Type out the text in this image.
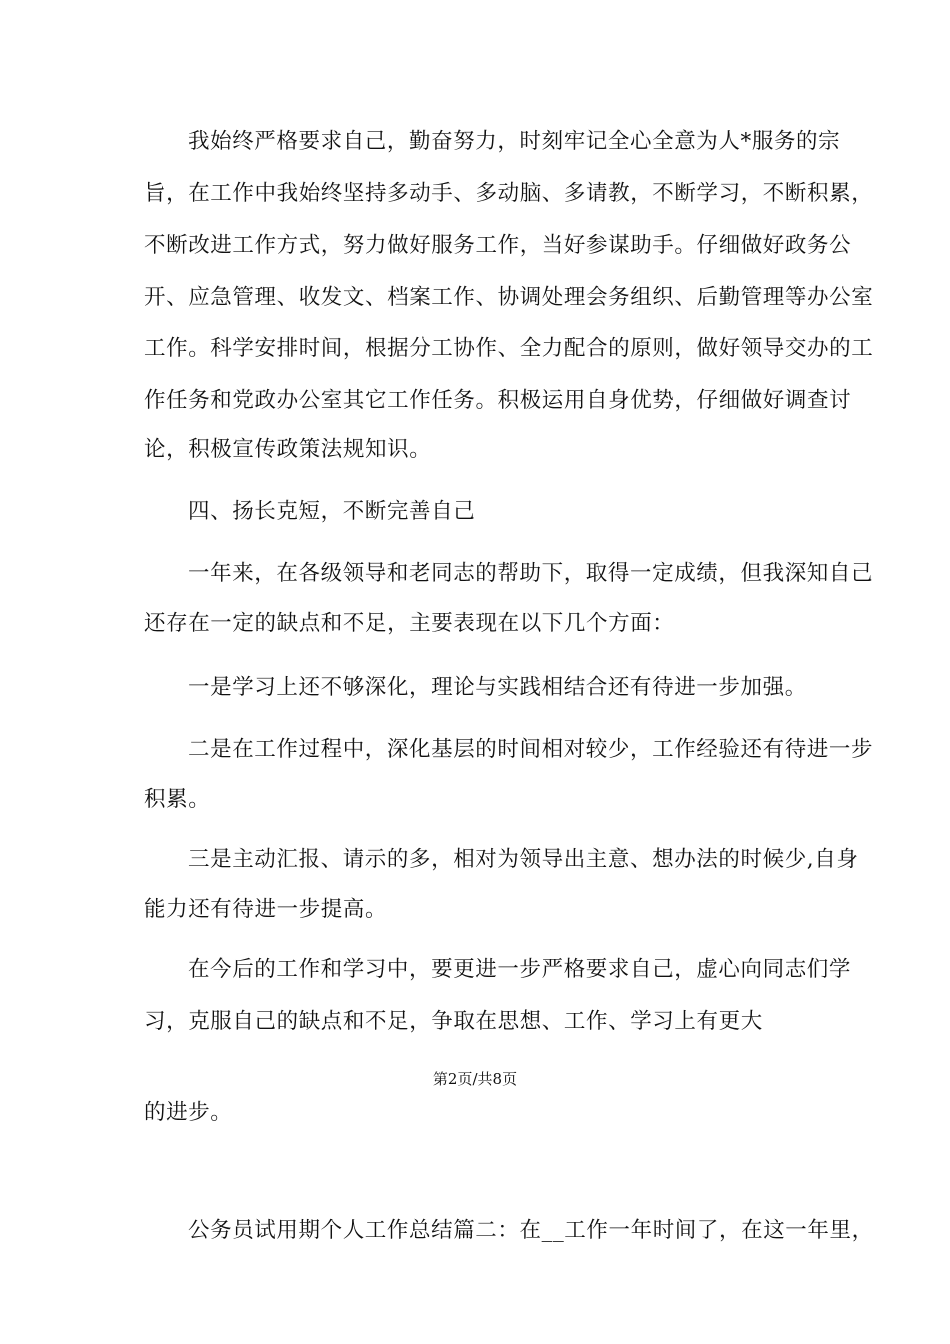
我始终严格要求自己，勤奋努力，时刻牢记全心全意为人*服务的宗
旨，在工作中我始终坚持多动手、多动脑、多请教，不断学习，不断积累，
不断改进工作方式，努力做好服务工作，当好参谋助手。仔细做好政务公
开、应急管理、收发文、档案工作、协调处理会务组织、后勤管理等办公室
工作。科学安排时间，根据分工协作、全力配合的原则，做好领导交办的工
作任务和党政办公室其它工作任务。积极运用自身优势，仔细做好调查讨
论，积极宣传政策法规知识。
四、扬长克短，不断完善自己
一年来，在各级领导和老同志的帮助下，取得一定成绩，但我深知自己
还存在一定的缺点和不足，主要表现在以下几个方面：
一是学习上还不够深化，理论与实践相结合还有待进一步加强。
二是在工作过程中，深化基层的时间相对较少，工作经验还有待进一步
积累。
三是主动汇报、请示的多，相对为领导出主意、想办法的时候少,自身
能力还有待进一步提高。
在今后的工作和学习中，要更进一步严格要求自己，虚心向同志们学
习，克服自己的缺点和不足，争取在思想、工作、学习上有更大
第2页/共8页
的进步。
公务员试用期个人工作总结篇二：在__工作一年时间了，在这一年里，
